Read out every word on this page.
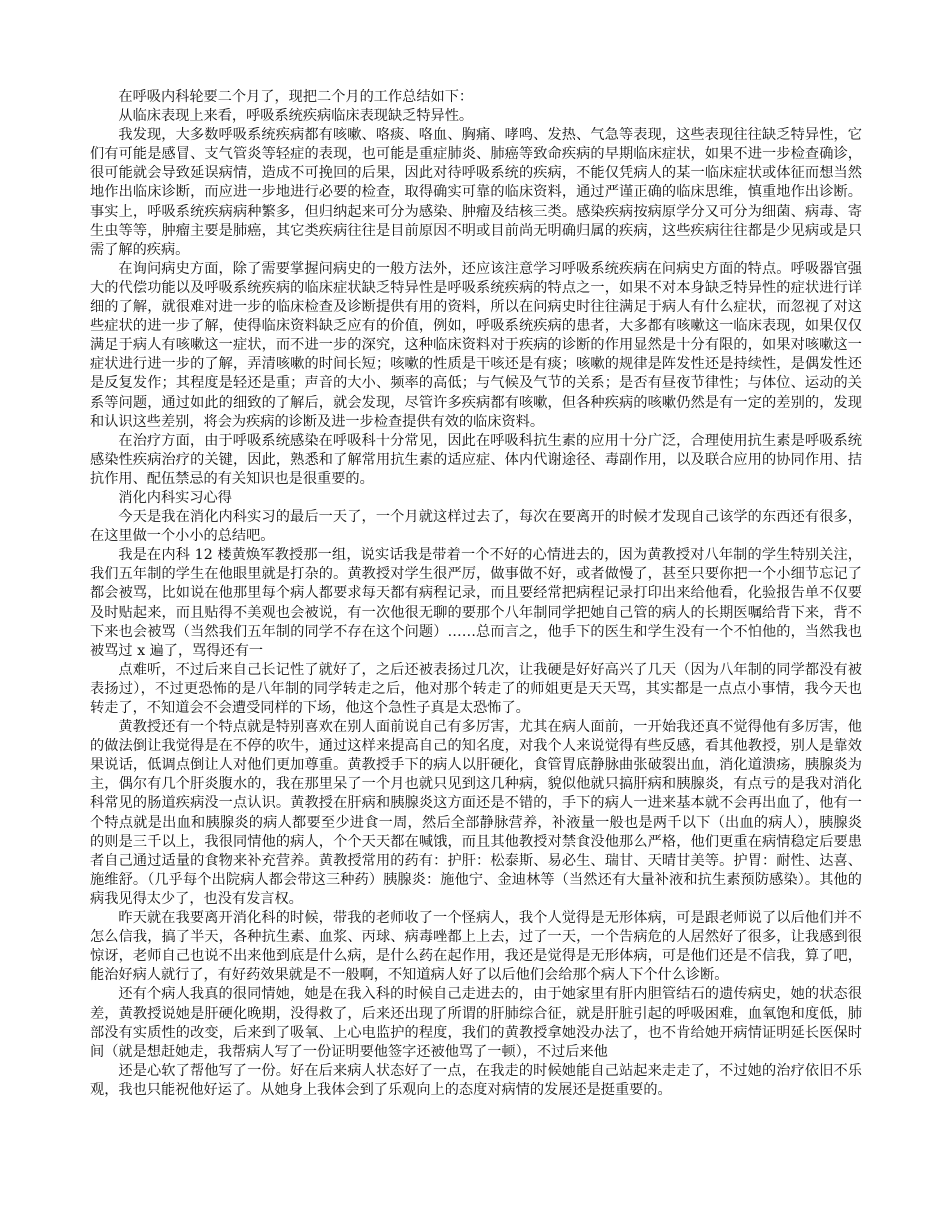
在呼吸内科轮要二个月了，现把二个月的工作总结如下：

从临床表现上来看，呼吸系统疾病临床表现缺乏特异性。

我发现，大多数呼吸系统疾病都有咳嗽、咯痰、咯血、胸痛、哮鸣、发热、气急等表现，这些表现往往缺乏特异性，它们有可能是感冒、支气管炎等轻症的表现，也可能是重症肺炎、肺癌等致命疾病的早期临床症状，如果不进一步检查确诊，很可能就会导致延误病情，造成不可挽回的后果，因此对待呼吸系统的疾病，不能仅凭病人的某一临床症状或体征而想当然地作出临床诊断，而应进一步地进行必要的检查，取得确实可靠的临床资料，通过严谨正确的临床思维，慎重地作出诊断。事实上，呼吸系统疾病病种繁多，但归纳起来可分为感染、肿瘤及结核三类。感染疾病按病原学分又可分为细菌、病毒、寄生虫等等，肿瘤主要是肺癌，其它类疾病往往是目前原因不明或目前尚无明确归属的疾病，这些疾病往往都是少见病或是只需了解的疾病。

在询问病史方面，除了需要掌握问病史的一般方法外，还应该注意学习呼吸系统疾病在问病史方面的特点。呼吸器官强大的代偿功能以及呼吸系统疾病的临床症状缺乏特异性是呼吸系统疾病的特点之一，如果不对本身缺乏特异性的症状进行详细的了解，就很难对进一步的临床检查及诊断提供有用的资料，所以在问病史时往往满足于病人有什么症状，而忽视了对这些症状的进一步了解，使得临床资料缺乏应有的价值，例如，呼吸系统疾病的患者，大多都有咳嗽这一临床表现，如果仅仅满足于病人有咳嗽这一症状，而不进一步的深究，这种临床资料对于疾病的诊断的作用显然是十分有限的，如果对咳嗽这一症状进行进一步的了解，弄清咳嗽的时间长短；咳嗽的性质是干咳还是有痰；咳嗽的规律是阵发性还是持续性，是偶发性还是反复发作；其程度是轻还是重；声音的大小、频率的高低；与气候及气节的关系；是否有昼夜节律性；与体位、运动的关系等问题，通过如此的细致的了解后，就会发现，尽管许多疾病都有咳嗽，但各种疾病的咳嗽仍然是有一定的差别的，发现和认识这些差别，将会为疾病的诊断及进一步检查提供有效的临床资料。

在治疗方面，由于呼吸系统感染在呼吸科十分常见，因此在呼吸科抗生素的应用十分广泛，合理使用抗生素是呼吸系统感染性疾病治疗的关键，因此，熟悉和了解常用抗生素的适应症、体内代谢途径、毒副作用，以及联合应用的协同作用、拮抗作用、配伍禁忌的有关知识也是很重要的。

消化内科实习心得

今天是我在消化内科实习的最后一天了，一个月就这样过去了，每次在要离开的时候才发现自己该学的东西还有很多，在这里做一个小小的总结吧。

我是在内科 12 楼黄焕军教授那一组，说实话我是带着一个不好的心情进去的，因为黄教授对八年制的学生特别关注，我们五年制的学生在他眼里就是打杂的。黄教授对学生很严厉，做事做不好，或者做慢了，甚至只要你把一个小细节忘记了都会被骂，比如说在他那里每个病人都要求每天都有病程记录，而且要经常把病程记录打印出来给他看，化验报告单不仅要及时贴起来，而且贴得不美观也会被说，有一次他很无聊的要那个八年制同学把她自己管的病人的长期医嘱给背下来，背不下来也会被骂（当然我们五年制的同学不存在这个问题）……总而言之，他手下的医生和学生没有一个不怕他的，当然我也被骂过 x 遍了，骂得还有一

点难听，不过后来自己长记性了就好了，之后还被表扬过几次，让我硬是好好高兴了几天（因为八年制的同学都没有被表扬过），不过更恐怖的是八年制的同学转走之后，他对那个转走了的师姐更是天天骂，其实都是一点点小事情，我今天也转走了，不知道会不会遭受同样的下场，他这个急性子真是太恐怖了。

黄教授还有一个特点就是特别喜欢在别人面前说自己有多厉害，尤其在病人面前，一开始我还真不觉得他有多厉害，他的做法倒让我觉得是在不停的吹牛，通过这样来提高自己的知名度，对我个人来说觉得有些反感，看其他教授，别人是靠效果说话，低调点倒让人对他们更加尊重。黄教授手下的病人以肝硬化，食管胃底静脉曲张破裂出血，消化道溃疡，胰腺炎为主，偶尔有几个肝炎腹水的，我在那里呆了一个月也就只见到这几种病，貌似他就只搞肝病和胰腺炎，有点亏的是我对消化科常见的肠道疾病没一点认识。黄教授在肝病和胰腺炎这方面还是不错的，手下的病人一进来基本就不会再出血了，他有一个特点就是出血和胰腺炎的病人都要至少进食一周，然后全部静脉营养，补液量一般也是两千以下（出血的病人），胰腺炎的则是三千以上，我很同情他的病人，个个天天都在喊饿，而且其他教授对禁食没他那么严格，他们更重在病情稳定后要患者自己通过适量的食物来补充营养。黄教授常用的药有：护肝：松泰斯、易必生、瑞甘、天晴甘美等。护胃：耐性、达喜、施维舒。（几乎每个出院病人都会带这三种药）胰腺炎：施他宁、金迪林等（当然还有大量补液和抗生素预防感染）。其他的病我见得太少了，也没有发言权。

昨天就在我要离开消化科的时候，带我的老师收了一个怪病人，我个人觉得是无形体病，可是跟老师说了以后他们并不怎么信我，搞了半天，各种抗生素、血浆、丙球、病毒唑都上上去，过了一天，一个告病危的人居然好了很多，让我感到很惊讶，老师自己也说不出来他到底是什么病，是什么药在起作用，我还是觉得是无形体病，可是他们还是不信我，算了吧，能治好病人就行了，有好药效果就是不一般啊，不知道病人好了以后他们会给那个病人下个什么诊断。

还有个病人我真的很同情她，她是在我入科的时候自己走进去的，由于她家里有肝内胆管结石的遗传病史，她的状态很差，黄教授说她是肝硬化晚期，没得救了，后来还出现了所谓的肝肺综合征，就是肝脏引起的呼吸困难，血氧饱和度低，肺部没有实质性的改变，后来到了吸氧、上心电监护的程度，我们的黄教授拿她没办法了，也不肯给她开病情证明延长医保时间（就是想赶她走，我帮病人写了一份证明要他签字还被他骂了一顿），不过后来他

还是心软了帮他写了一份。好在后来病人状态好了一点，在我走的时候她能自己站起来走走了，不过她的治疗依旧不乐观，我也只能祝他好运了。从她身上我体会到了乐观向上的态度对病情的发展还是挺重要的。
